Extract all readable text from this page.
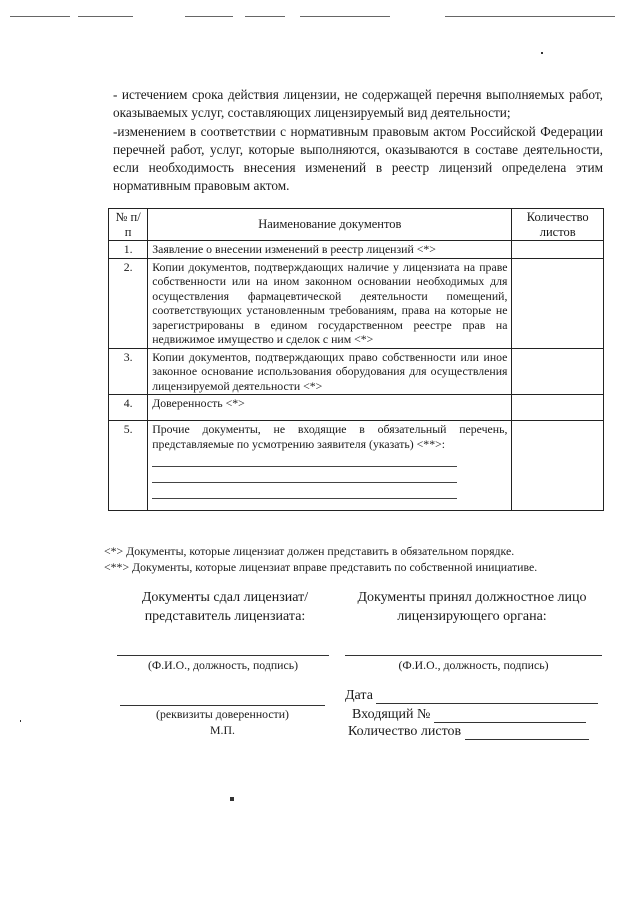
- истечением срока действия лицензии, не содержащей перечня выполняемых работ, оказываемых услуг, составляющих лицензируемый вид деятельности;

-изменением в соответствии с нормативным правовым актом Российской Федерации перечней работ, услуг, которые выполняются, оказываются в составе деятельности, если необходимость внесения изменений в реестр лицензий определена этим нормативным правовым актом.

№ п/п	Наименование документов	Количество листов
1.	Заявление о внесении изменений в реестр лицензий <*>	
2.	Копии документов, подтверждающих наличие у лицензиата на праве собственности или на ином законном основании необходимых для осуществления фармацевтической деятельности помещений, соответствующих установленным требованиям, права на которые не зарегистрированы в едином государственном реестре прав на недвижимое имущество и сделок с ним <*>	
3.	Копии документов, подтверждающих право собственности или иное законное основание использования оборудования для осуществления лицензируемой деятельности <*>	
4.	Доверенность <*>	
5.	Прочие документы, не входящие в обязательный перечень, представляемые по усмотрению заявителя (указать) <**>:	

<*> Документы, которые лицензиат должен представить в обязательном порядке.
<**> Документы, которые лицензиат вправе представить по собственной инициативе.
Документы сдал лицензиат/представитель лицензиата:
Документы принял должностное лицо лицензирующего органа:
(Ф.И.О., должность, подпись)	(Ф.И.О., должность, подпись)
(реквизиты доверенности)
М.П.
Дата
Входящий №
Количество листов
